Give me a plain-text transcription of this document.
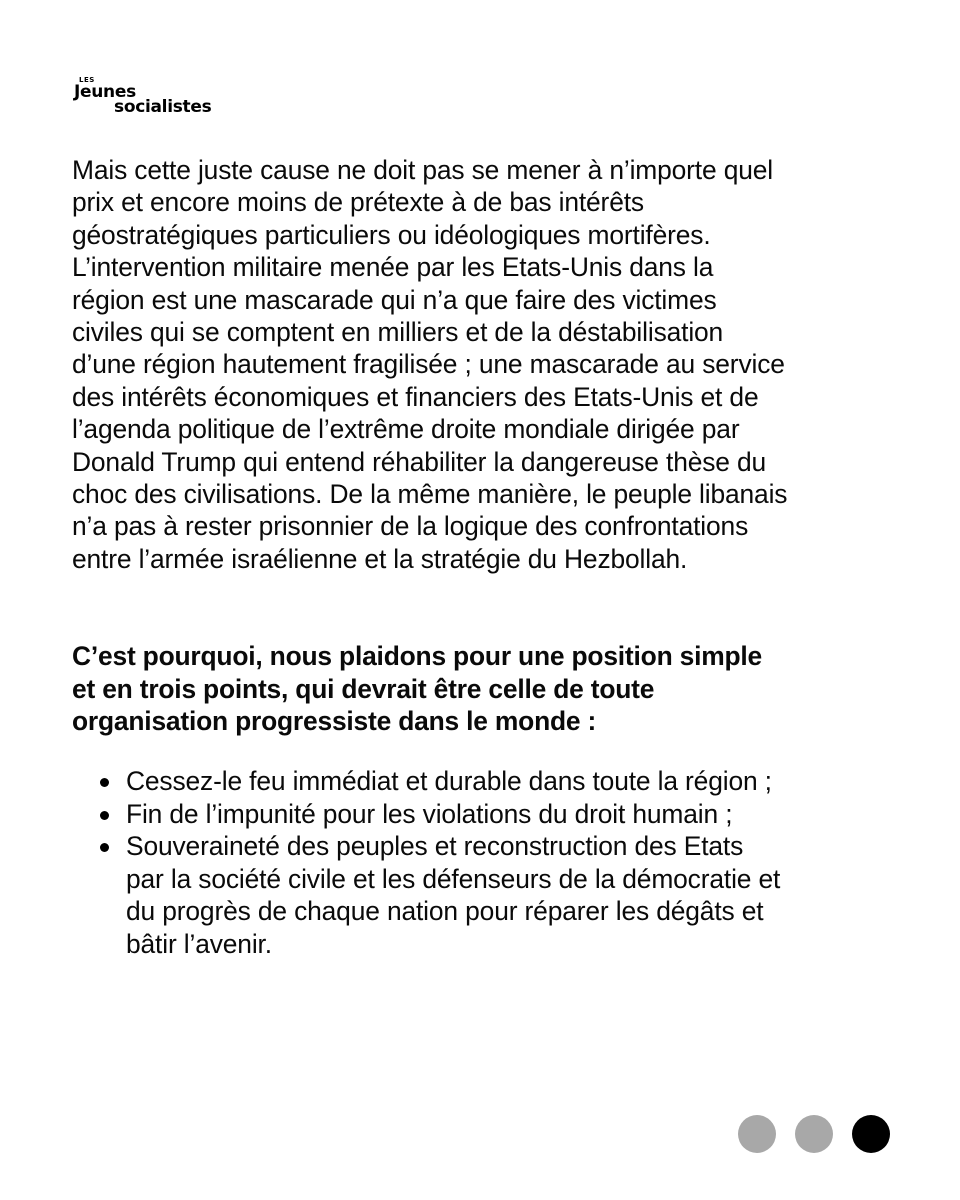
LES
Jeunes
socialistes

Mais cette juste cause ne doit pas se mener à n’importe quel
prix et encore moins de prétexte à de bas intérêts
géostratégiques particuliers ou idéologiques mortifères.
L’intervention militaire menée par les Etats-Unis dans la
région est une mascarade qui n’a que faire des victimes
civiles qui se comptent en milliers et de la déstabilisation
d’une région hautement fragilisée ; une mascarade au service
des intérêts économiques et financiers des Etats-Unis et de
l’agenda politique de l’extrême droite mondiale dirigée par
Donald Trump qui entend réhabiliter la dangereuse thèse du
choc des civilisations. De la même manière, le peuple libanais
n’a pas à rester prisonnier de la logique des confrontations
entre l’armée israélienne et la stratégie du Hezbollah.

C’est pourquoi, nous plaidons pour une position simple
et en trois points, qui devrait être celle de toute
organisation progressiste dans le monde :

Cessez-le feu immédiat et durable dans toute la région ;
Fin de l’impunité pour les violations du droit humain ;
Souveraineté des peuples et reconstruction des Etats
par la société civile et les défenseurs de la démocratie et
du progrès de chaque nation pour réparer les dégâts et
bâtir l’avenir.
